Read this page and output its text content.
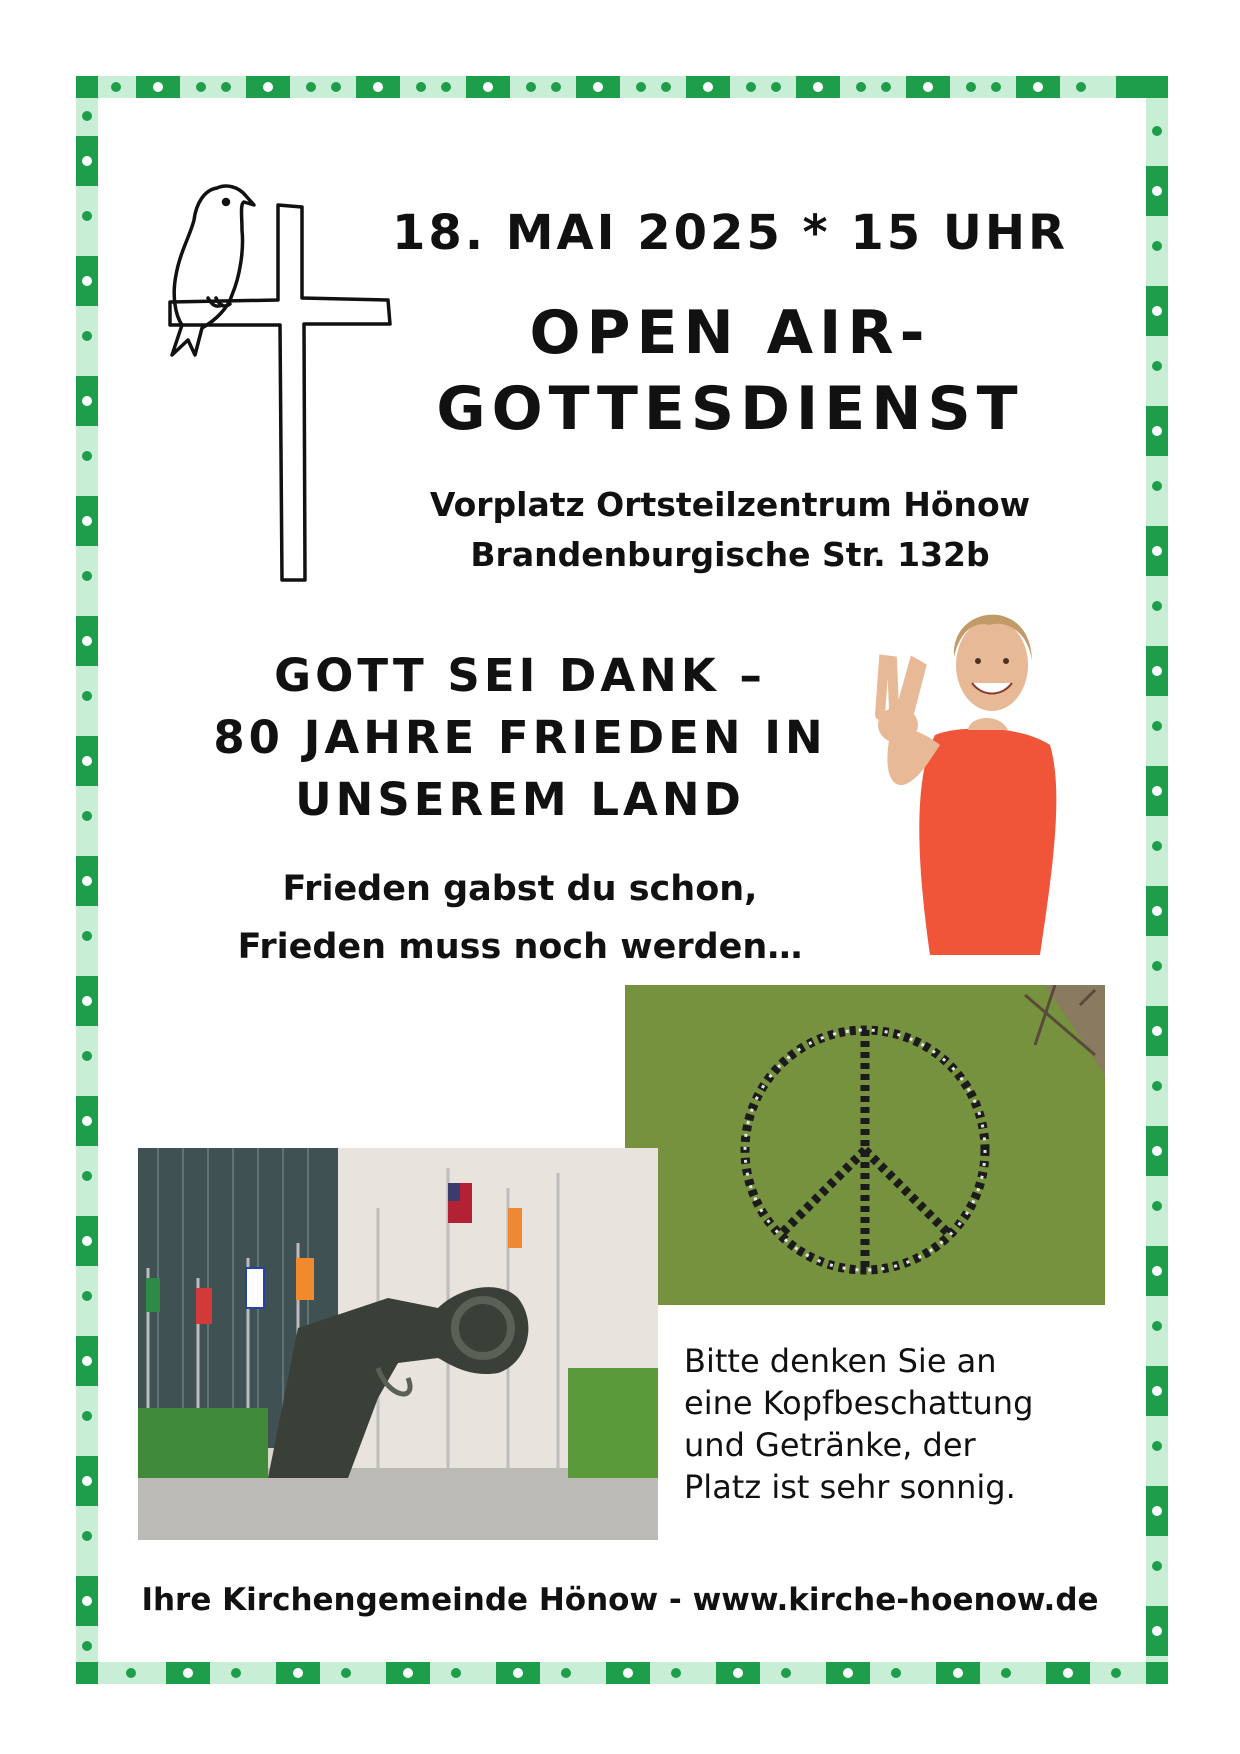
18. MAI 2025 * 15 UHR
OPEN AIR-
GOTTESDIENST
Vorplatz Ortsteilzentrum Hönow
Brandenburgische Str. 132b
GOTT SEI DANK –
80 JAHRE FRIEDEN IN
UNSEREM LAND
Frieden gabst du schon,
Frieden muss noch werden…

Bitte denken Sie an

eine Kopfbeschattung

und Getränke, der

Platz ist sehr sonnig.

Ihre Kirchengemeinde Hönow - www.kirche-hoenow.de
